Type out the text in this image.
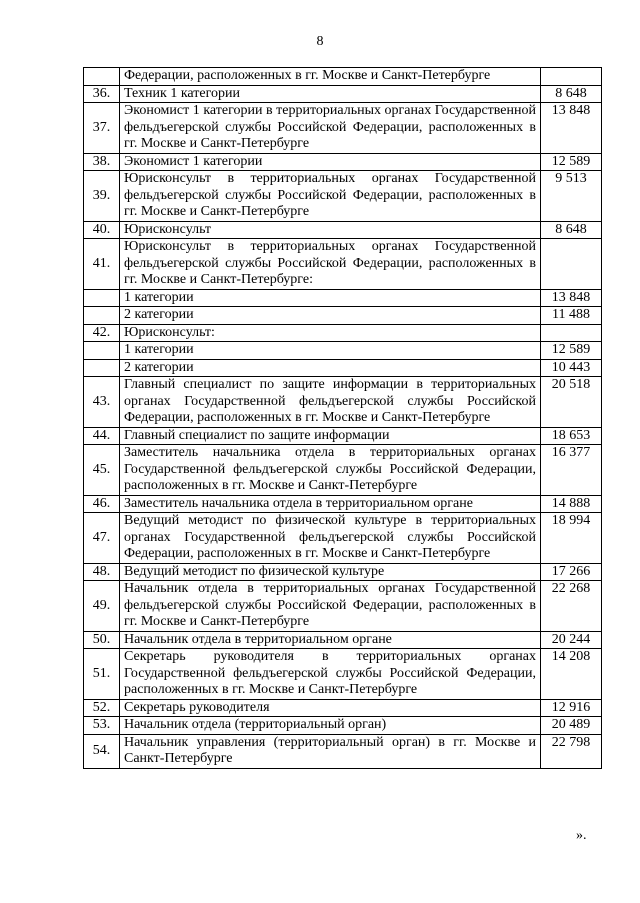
8
	Федерации, расположенных в гг. Москве и Санкт-Петербурге	
36.	Техник 1 категории	8 648
37.	Экономист 1 категории в территориальных органах Государственной фельдъегерской службы Российской Федерации, расположенных в гг. Москве и Санкт-Петербурге	13 848
38.	Экономист 1 категории	12 589
39.	Юрисконсульт в территориальных органах Государственной фельдъегерской службы Российской Федерации, расположенных в гг. Москве и Санкт-Петербурге	9 513
40.	Юрисконсульт	8 648
41.	Юрисконсульт в территориальных органах Государственной фельдъегерской службы Российской Федерации, расположенных в гг. Москве и Санкт-Петербурге:	
	1 категории	13 848
	2 категории	11 488
42.	Юрисконсульт:	
	1 категории	12 589
	2 категории	10 443
43.	Главный специалист по защите информации в территориальных органах Государственной фельдъегерской службы Российской Федерации, расположенных в гг. Москве и Санкт-Петербурге	20 518
44.	Главный специалист по защите информации	18 653
45.	Заместитель начальника отдела в территориальных органах Государственной фельдъегерской службы Российской Федерации, расположенных в гг. Москве и Санкт-Петербурге	16 377
46.	Заместитель начальника отдела в территориальном органе	14 888
47.	Ведущий методист по физической культуре в территориальных органах Государственной фельдъегерской службы Российской Федерации, расположенных в гг. Москве и Санкт-Петербурге	18 994
48.	Ведущий методист по физической культуре	17 266
49.	Начальник отдела в территориальных органах Государственной фельдъегерской службы Российской Федерации, расположенных в гг. Москве и Санкт-Петербурге	22 268
50.	Начальник отдела в территориальном органе	20 244
51.	Секретарь руководителя в территориальных органах Государственной фельдъегерской службы Российской Федерации, расположенных в гг. Москве и Санкт-Петербурге	14 208
52.	Секретарь руководителя	12 916
53.	Начальник отдела (территориальный орган)	20 489
54.	Начальник управления (территориальный орган) в гг. Москве и Санкт-Петербурге	22 798
».
